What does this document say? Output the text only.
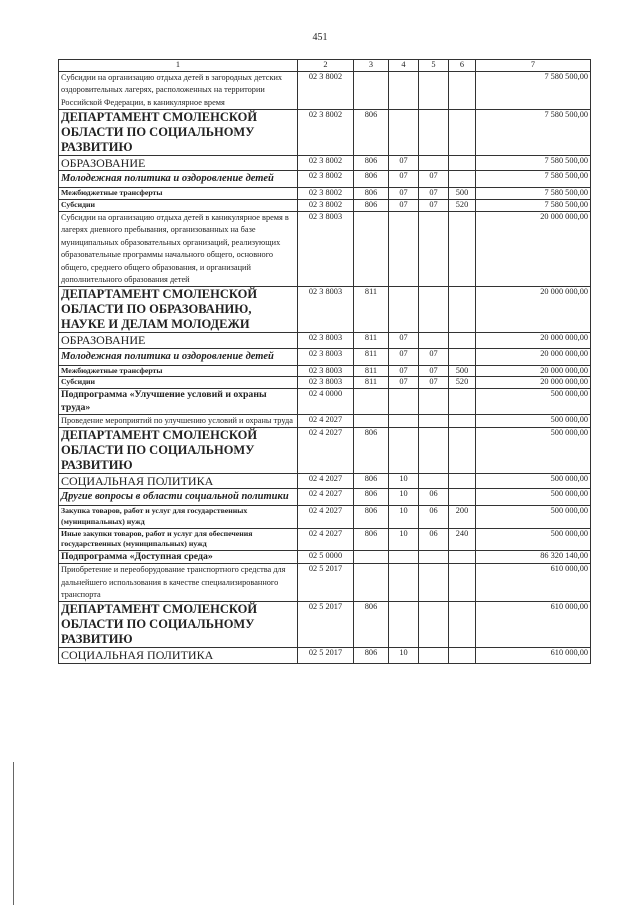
451
1	2	3	4	5	6	7
Субсидии на организацию отдыха детей в загородных детских оздоровительных лагерях, расположенных на территории Российской Федерации, в каникулярное время	02 3 8002					7 580 500,00
ДЕПАРТАМЕНТ СМОЛЕНСКОЙ ОБЛАСТИ ПО СОЦИАЛЬНОМУ РАЗВИТИЮ	02 3 8002	806				7 580 500,00
ОБРАЗОВАНИЕ	02 3 8002	806	07			7 580 500,00
Молодежная политика и оздоровление детей	02 3 8002	806	07	07		7 580 500,00
Межбюджетные трансферты	02 3 8002	806	07	07	500	7 580 500,00
Субсидии	02 3 8002	806	07	07	520	7 580 500,00
Субсидии на организацию отдыха детей в каникулярное время в лагерях дневного пребывания, организованных на базе муниципальных образовательных организаций, реализующих образовательные программы начального общего, основного общего, среднего общего образования, и организаций дополнительного образования детей	02 3 8003					20 000 000,00
ДЕПАРТАМЕНТ СМОЛЕНСКОЙ ОБЛАСТИ ПО ОБРАЗОВАНИЮ, НАУКЕ И ДЕЛАМ МОЛОДЕЖИ	02 3 8003	811				20 000 000,00
ОБРАЗОВАНИЕ	02 3 8003	811	07			20 000 000,00
Молодежная политика и оздоровление детей	02 3 8003	811	07	07		20 000 000,00
Межбюджетные трансферты	02 3 8003	811	07	07	500	20 000 000,00
Субсидии	02 3 8003	811	07	07	520	20 000 000,00
Подпрограмма «Улучшение условий и охраны труда»	02 4 0000					500 000,00
Проведение мероприятий по улучшению условий и охраны труда	02 4 2027					500 000,00
ДЕПАРТАМЕНТ СМОЛЕНСКОЙ ОБЛАСТИ ПО СОЦИАЛЬНОМУ РАЗВИТИЮ	02 4 2027	806				500 000,00
СОЦИАЛЬНАЯ ПОЛИТИКА	02 4 2027	806	10			500 000,00
Другие вопросы в области социальной политики	02 4 2027	806	10	06		500 000,00
Закупка товаров, работ и услуг для государственных (муниципальных) нужд	02 4 2027	806	10	06	200	500 000,00
Иные закупки товаров, работ и услуг для обеспечения государственных (муниципальных) нужд	02 4 2027	806	10	06	240	500 000,00
Подпрограмма «Доступная среда»	02 5 0000					86 320 140,00
Приобретение и переоборудование транспортного средства для дальнейшего использования в качестве специализированного транспорта	02 5 2017					610 000,00
ДЕПАРТАМЕНТ СМОЛЕНСКОЙ ОБЛАСТИ ПО СОЦИАЛЬНОМУ РАЗВИТИЮ	02 5 2017	806				610 000,00
СОЦИАЛЬНАЯ ПОЛИТИКА	02 5 2017	806	10			610 000,00
